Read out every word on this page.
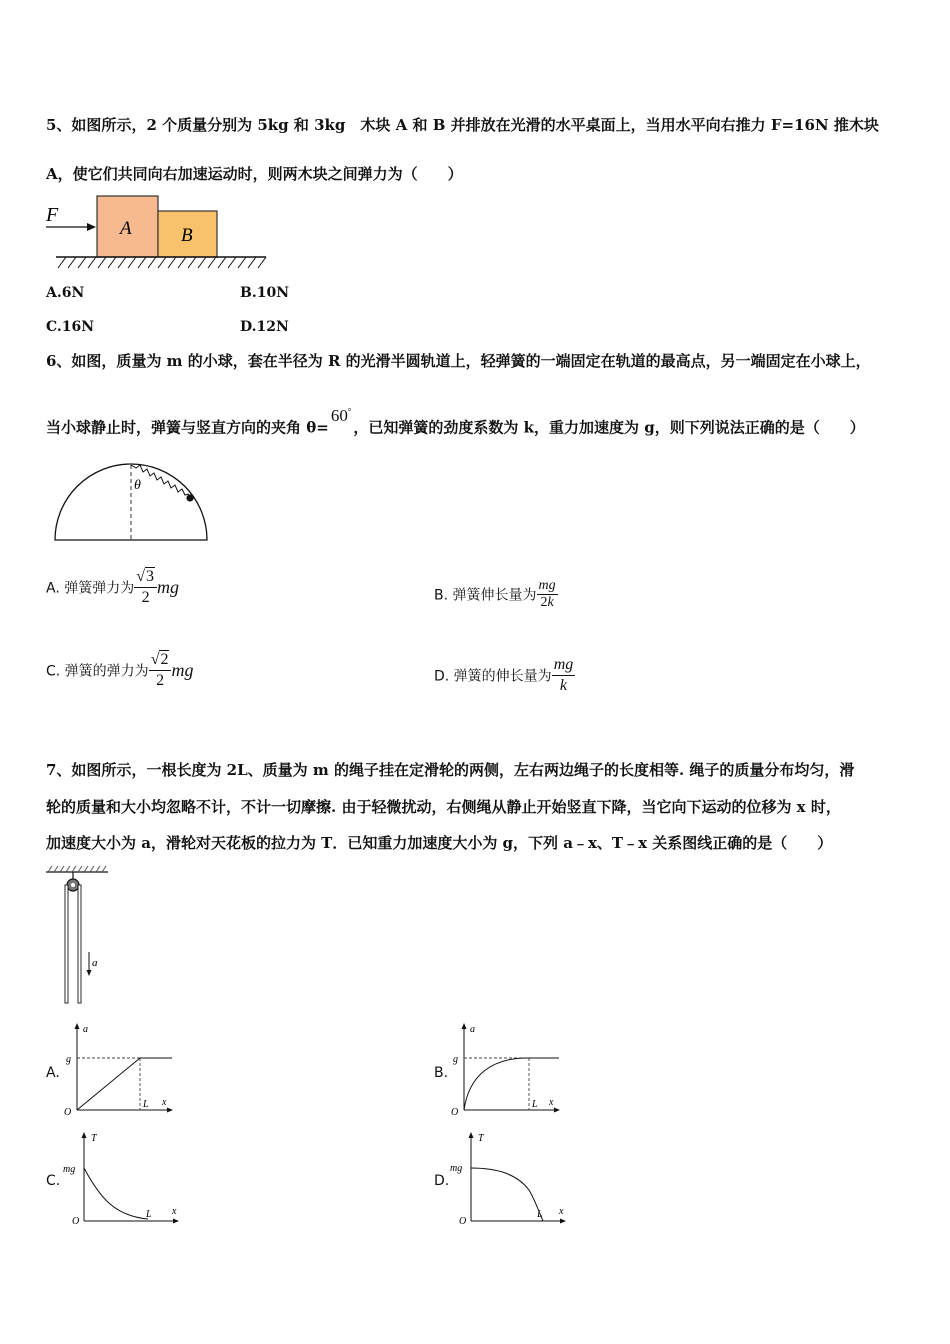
5、如图所示，2 个质量分别为 5kg 和 3kg　木块 A 和 B 并排放在光滑的水平桌面上，当用水平向右推力 F=16N 推木块
A，使它们共同向右加速运动时，则两木块之间弹力为（　　）
F
A	B
A.6N	B.10N
C.16N	D.12N
6、如图，质量为 m 的小球，套在半径为 R 的光滑半圆轨道上，轻弹簧的一端固定在轨道的最高点，另一端固定在小球上，
当小球静止时，弹簧与竖直方向的夹角 θ=60°，已知弹簧的劲度系数为 k，重力加速度为 g，则下列说法正确的是（　　）
θ
A. 弹簧弹力为 $\frac{√3}{2}$ mg	B. 弹簧伸长量为 $\frac{mg}{2k}$
C. 弹簧的弹力为 $\frac{√2}{2}$ mg	D. 弹簧的伸长量为 $\frac{mg}{k}$
7、如图所示，一根长度为 2L、质量为 m 的绳子挂在定滑轮的两侧，左右两边绳子的长度相等. 绳子的质量分布均匀，滑
轮的质量和大小均忽略不计，不计一切摩擦. 由于轻微扰动，右侧绳从静止开始竖直下降，当它向下运动的位移为 x 时，
加速度大小为 a，滑轮对天花板的拉力为 T．已知重力加速度大小为 g，下列 a﹣x、T﹣x 关系图线正确的是（　　）
a
A.
a
x
O
g
L
B.
a
x
O
g
L
C.
T
x
O
mg
L
D.
T
x
O
mg
L
